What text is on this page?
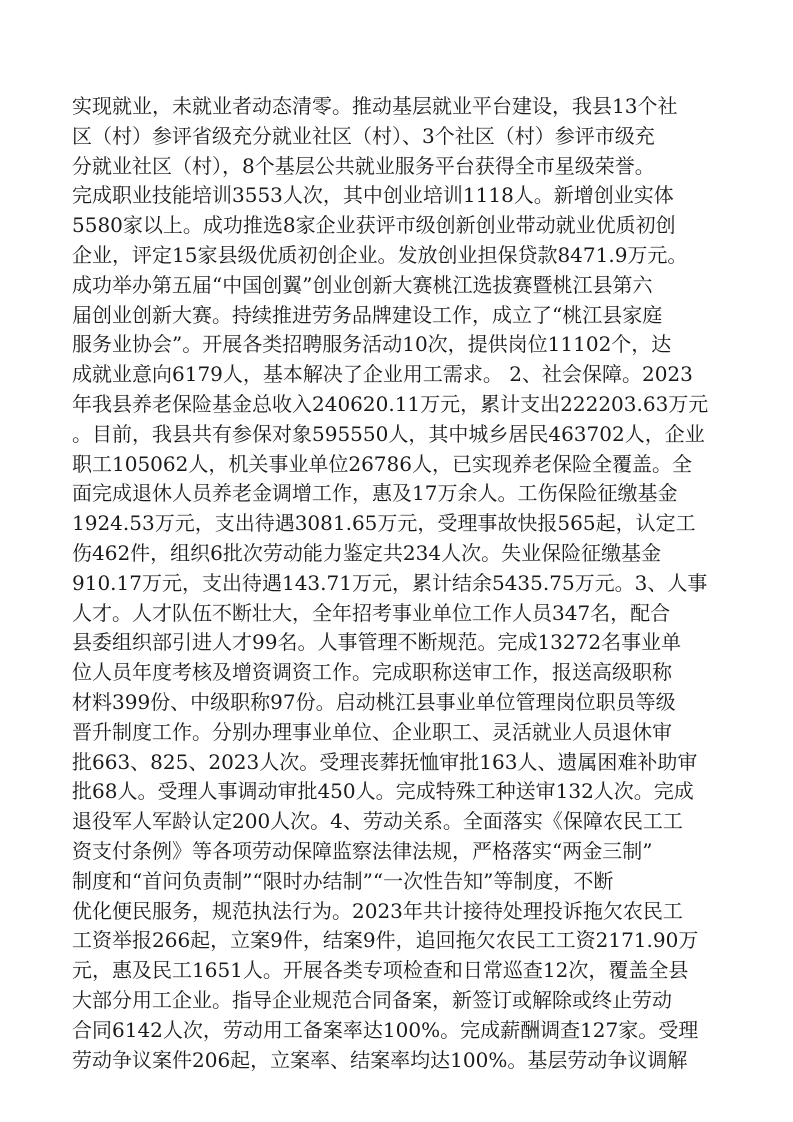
实现就业，未就业者动态清零。推动基层就业平台建设，我县13个社
区（村）参评省级充分就业社区（村）、3个社区（村）参评市级充
分就业社区（村），8个基层公共就业服务平台获得全市星级荣誉。
完成职业技能培训3553人次，其中创业培训1118人。新增创业实体
5580家以上。成功推选8家企业获评市级创新创业带动就业优质初创
企业，评定15家县级优质初创企业。发放创业担保贷款8471.9万元。
成功举办第五届“中国创翼”创业创新大赛桃江选拔赛暨桃江县第六
届创业创新大赛。持续推进劳务品牌建设工作，成立了“桃江县家庭
服务业协会”。开展各类招聘服务活动10次，提供岗位11102个，达
成就业意向6179人，基本解决了企业用工需求。 2、社会保障。2023
年我县养老保险基金总收入240620.11万元，累计支出222203.63万元
。目前，我县共有参保对象595550人，其中城乡居民463702人，企业
职工105062人，机关事业单位26786人，已实现养老保险全覆盖。全
面完成退休人员养老金调增工作，惠及17万余人。工伤保险征缴基金
1924.53万元，支出待遇3081.65万元，受理事故快报565起，认定工
伤462件，组织6批次劳动能力鉴定共234人次。失业保险征缴基金
910.17万元，支出待遇143.71万元，累计结余5435.75万元。3、人事
人才。人才队伍不断壮大，全年招考事业单位工作人员347名，配合
县委组织部引进人才99名。人事管理不断规范。完成13272名事业单
位人员年度考核及增资调资工作。完成职称送审工作，报送高级职称
材料399份、中级职称97份。启动桃江县事业单位管理岗位职员等级
晋升制度工作。分别办理事业单位、企业职工、灵活就业人员退休审
批663、825、2023人次。受理丧葬抚恤审批163人、遗属困难补助审
批68人。受理人事调动审批450人。完成特殊工种送审132人次。完成
退役军人军龄认定200人次。4、劳动关系。全面落实《保障农民工工
资支付条例》等各项劳动保障监察法律法规，严格落实“两金三制”
制度和“首问负责制”“限时办结制”“一次性告知”等制度，不断
优化便民服务，规范执法行为。2023年共计接待处理投诉拖欠农民工
工资举报266起，立案9件，结案9件，追回拖欠农民工工资2171.90万
元，惠及民工1651人。开展各类专项检查和日常巡查12次，覆盖全县
大部分用工企业。指导企业规范合同备案，新签订或解除或终止劳动
合同6142人次，劳动用工备案率达100%。完成薪酬调查127家。受理
劳动争议案件206起，立案率、结案率均达100%。基层劳动争议调解
